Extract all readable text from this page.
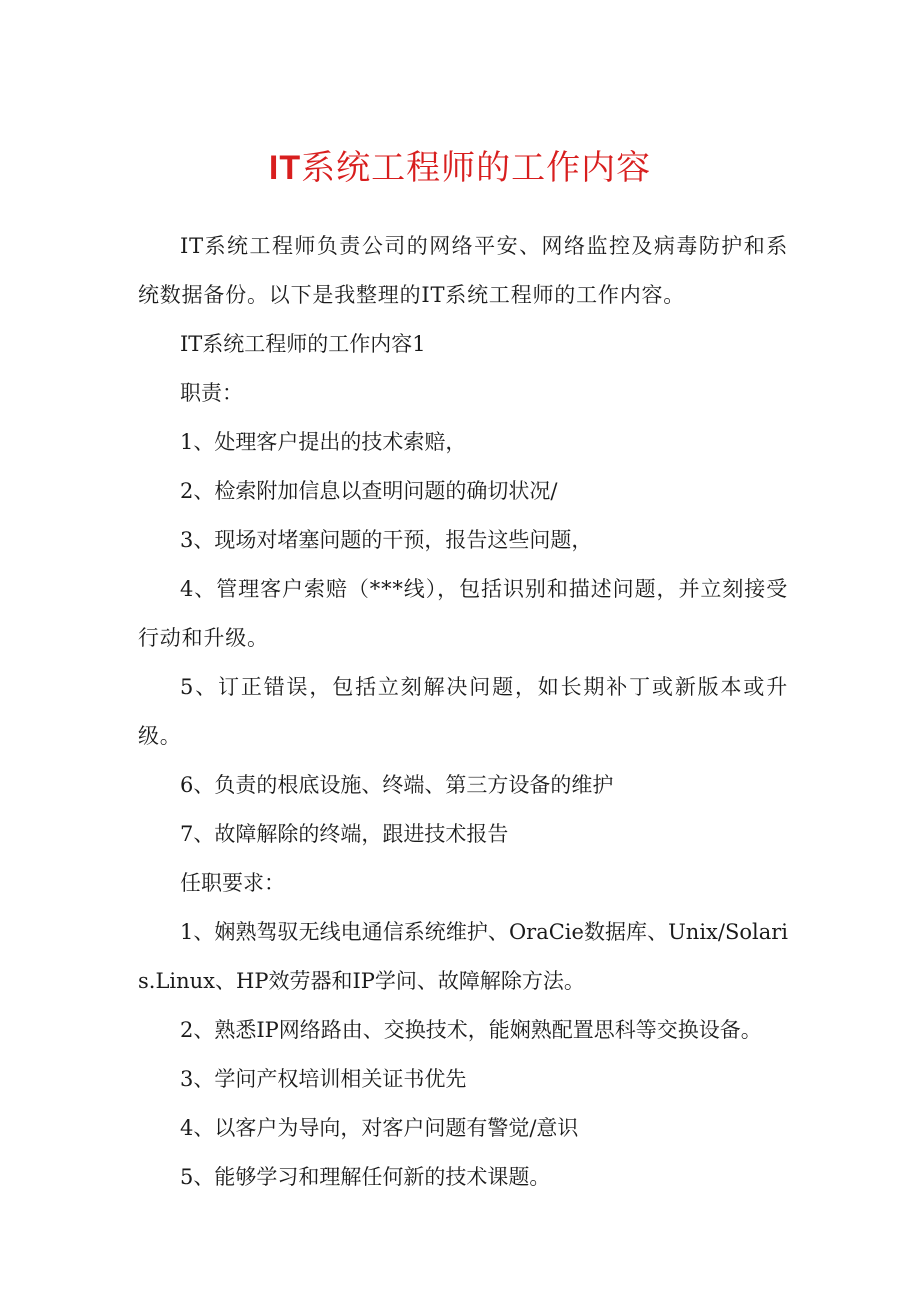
IT系统工程师的工作内容

IT系统工程师负责公司的网络平安、网络监控及病毒防护和系统数据备份。以下是我整理的IT系统工程师的工作内容。

IT系统工程师的工作内容1

职责：

1、处理客户提出的技术索赔，

2、检索附加信息以查明问题的确切状况/

3、现场对堵塞问题的干预，报告这些问题，

4、管理客户索赔（***线），包括识别和描述问题，并立刻接受行动和升级。

5、订正错误，包括立刻解决问题，如长期补丁或新版本或升级。

6、负责的根底设施、终端、第三方设备的维护

7、故障解除的终端，跟进技术报告

任职要求：

1、娴熟驾驭无线电通信系统维护、OraCie数据库、Unix/Solaris.Linux、HP效劳器和IP学问、故障解除方法。

2、熟悉IP网络路由、交换技术，能娴熟配置思科等交换设备。

3、学问产权培训相关证书优先

4、以客户为导向，对客户问题有警觉/意识

5、能够学习和理解任何新的技术课题。
